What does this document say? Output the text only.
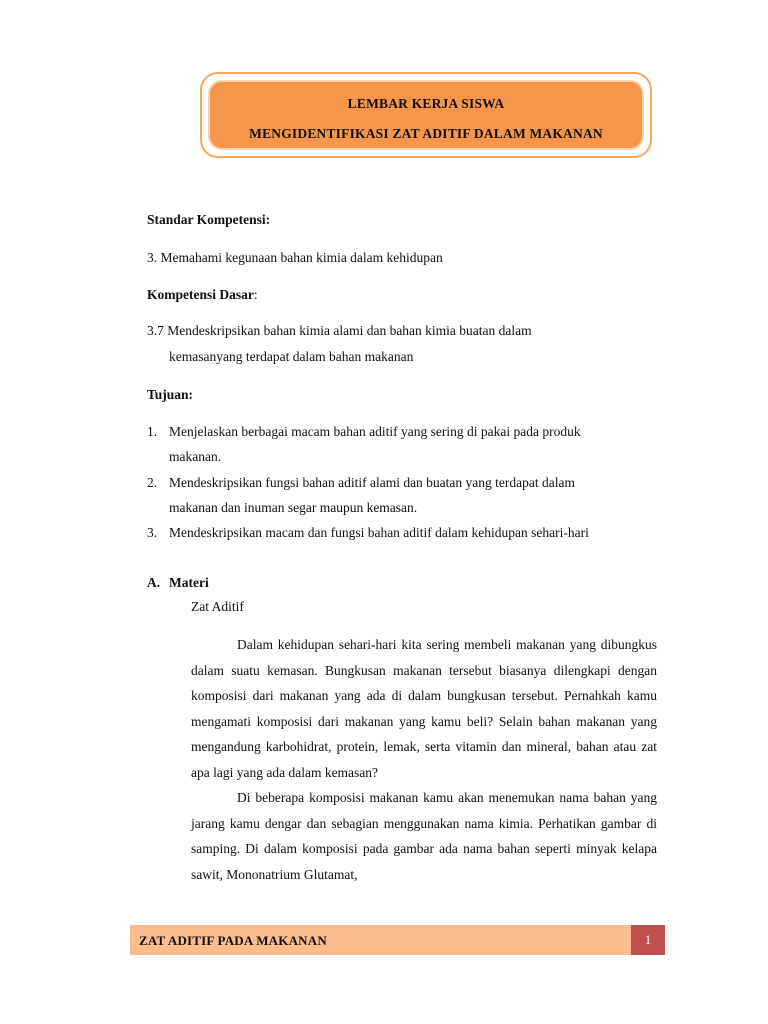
LEMBAR KERJA SISWA
MENGIDENTIFIKASI ZAT ADITIF DALAM MAKANAN
Standar Kompetensi:
3. Memahami kegunaan bahan kimia dalam kehidupan
Kompetensi Dasar:
3.7 Mendeskripsikan bahan kimia alami dan bahan kimia buatan dalam
kemasanyang terdapat dalam bahan makanan
Tujuan:
1. Menjelaskan berbagai macam bahan aditif yang sering di pakai pada produk
makanan.
2. Mendeskripsikan fungsi bahan aditif alami dan buatan yang terdapat dalam
makanan dan inuman segar maupun kemasan.
3. Mendeskripsikan macam dan fungsi bahan aditif dalam kehidupan sehari-hari
A. Materi
Zat Aditif

Dalam kehidupan sehari-hari kita sering membeli makanan yang dibungkus dalam suatu kemasan. Bungkusan makanan tersebut biasanya dilengkapi dengan komposisi dari makanan yang ada di dalam bungkusan tersebut. Pernahkah kamu mengamati komposisi dari makanan yang kamu beli? Selain bahan makanan yang mengandung karbohidrat, protein, lemak, serta vitamin dan mineral, bahan atau zat apa lagi yang ada dalam kemasan?

Di beberapa komposisi makanan kamu akan menemukan nama bahan yang jarang kamu dengar dan sebagian menggunakan nama kimia. Perhatikan gambar di samping. Di dalam komposisi pada gambar ada nama bahan seperti minyak kelapa sawit, Mononatrium Glutamat,

ZAT ADITIF PADA MAKANAN	1
